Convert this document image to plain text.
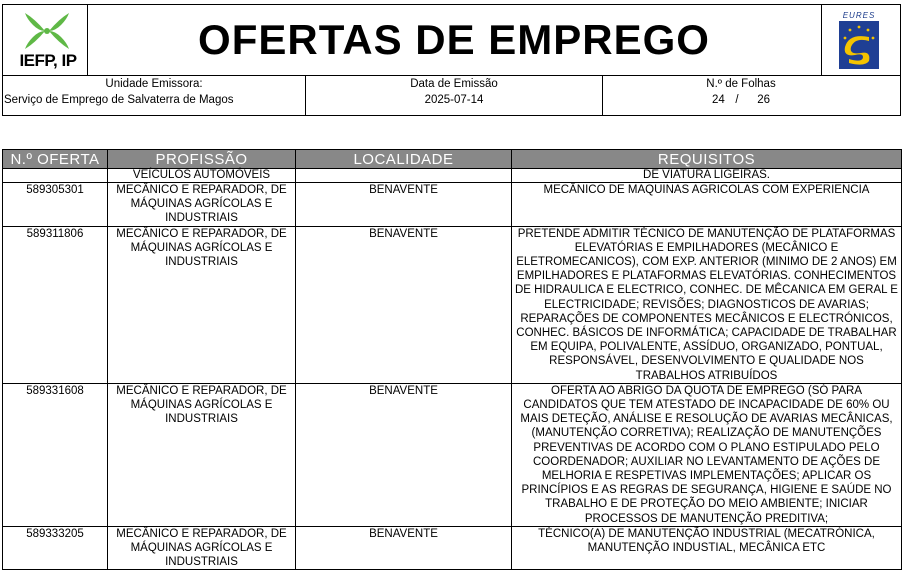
IEFP, IP	OFERTAS DE EMPREGO
EURES
Unidade Emissora:
Serviço de Emprego de Salvaterra de Magos
Data de Emissão
2025-07-14
N.º de Folhas
24 / 26
N.º OFERTA	PROFISSÃO	LOCALIDADE	REQUISITOS
	VEÍCULOS AUTOMÓVEIS		DE VIATURA LIGEIRAS.
589305301	MECÂNICO E REPARADOR, DE MÁQUINAS AGRÍCOLAS E INDUSTRIAIS	BENAVENTE	MECÂNICO DE MAQUINAS AGRICOLAS COM EXPERIENCIA
589311806	MECÂNICO E REPARADOR, DE MÁQUINAS AGRÍCOLAS E INDUSTRIAIS	BENAVENTE	PRETENDE ADMITIR TÉCNICO DE MANUTENÇÃO DE PLATAFORMAS ELEVATÓRIAS E EMPILHADORES (MECÂNICO E ELETROMECANICOS), COM EXP. ANTERIOR (MINIMO DE 2 ANOS) EM EMPILHADORES E PLATAFORMAS ELEVATÓRIAS. CONHECIMENTOS DE HIDRAULICA E ELECTRICO, CONHEC. DE MÊCANICA EM GERAL E ELECTRICIDADE; REVISÕES; DIAGNOSTICOS DE AVARIAS; REPARAÇÕES DE COMPONENTES MECÂNICOS E ELECTRÓNICOS, CONHEC. BÁSICOS DE INFORMÁTICA; CAPACIDADE DE TRABALHAR EM EQUIPA, POLIVALENTE, ASSÍDUO, ORGANIZADO, PONTUAL, RESPONSÁVEL, DESENVOLVIMENTO E QUALIDADE NOS TRABALHOS ATRIBUÍDOS
589331608	MECÂNICO E REPARADOR, DE MÁQUINAS AGRÍCOLAS E INDUSTRIAIS	BENAVENTE	OFERTA AO ABRIGO DA QUOTA DE EMPREGO (SÓ PARA CANDIDATOS QUE TEM ATESTADO DE INCAPACIDADE DE 60% OU MAIS DETEÇÃO, ANÁLISE E RESOLUÇÃO DE AVARIAS MECÂNICAS, (MANUTENÇÃO CORRETIVA); REALIZAÇÃO DE MANUTENÇÕES PREVENTIVAS DE ACORDO COM O PLANO ESTIPULADO PELO COORDENADOR; AUXILIAR NO LEVANTAMENTO DE AÇÕES DE MELHORIA E RESPETIVAS IMPLEMENTAÇÕES; APLICAR OS PRINCÍPIOS E AS REGRAS DE SEGURANÇA, HIGIENE E SAÚDE NO TRABALHO E DE PROTEÇÃO DO MEIO AMBIENTE; INICIAR PROCESSOS DE MANUTENÇÃO PREDITIVA;
589333205	MECÂNICO E REPARADOR, DE MÁQUINAS AGRÍCOLAS E INDUSTRIAIS	BENAVENTE	TÉCNICO(A) DE MANUTENÇÃO INDUSTRIAL (MECATRÓNICA, MANUTENÇÃO INDUSTIAL, MECÂNICA ETC
